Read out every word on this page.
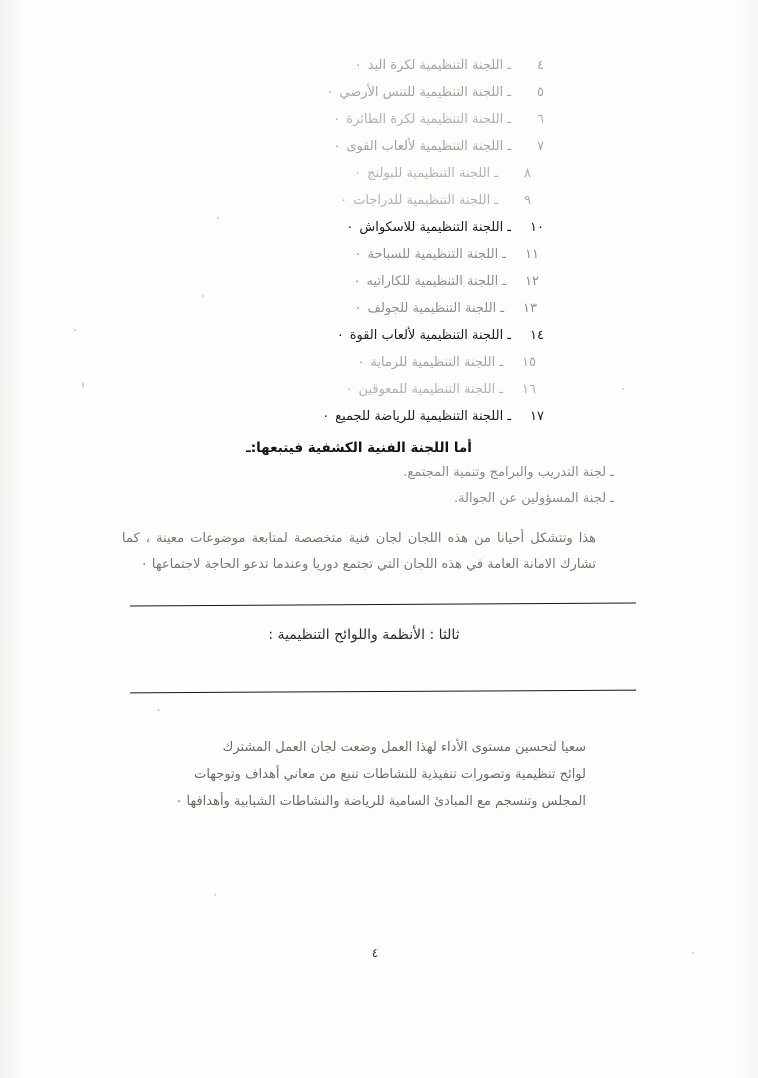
٤
ـ
اللجنة التنظيمية لكرة اليد
٠
٥
ـ
اللجنة التنظيمية للتنس الأرضي
٠
٦
ـ
اللجنة التنظيمية لكرة الطائرة
٠
٧
ـ
اللجنة التنظيمية لألعاب القوى
٠
٨
ـ
اللجنة التنظيمية للبولنج
٠
٩
ـ
اللجنة التنظيمية للدراجات
٠
١٠
ـ
اللجنة التنظيمية للاسكواش
٠
١١
ـ
اللجنة التنظيمية للسباحة
٠
١٢
ـ
اللجنة التنظيمية للكاراتيه
٠
١٣
ـ
اللجنة التنظيمية للجولف
٠
١٤
ـ
اللجنة التنظيمية لألعاب القوة
٠
١٥
ـ
اللجنة التنظيمية للرماية
٠
١٦
ـ
اللجنة التنظيمية للمعوقين
٠
١٧
ـ
اللجنة التنظيمية للرياضة للجميع
٠
أما اللجنة الفنية الكشفية فيتبعها:ـ
ـ لجنة التدريب والبرامج وتنمية المجتمع.
ـ لجنة المسؤولين عن الجوالة.
هذا وتتشكل أحيانا من هذه اللجان لجان فنية متخصصة لمتابعة موضوعات معينة ، كما تشارك الامانة العامة في هذه اللجان التي تجتمع دوريا وعندما تدعو الحاجة لاجتماعها ٠
ثالثا : الأنظمة واللوائح التنظيمية :
سعيا لتحسين مستوى الأداء لهذا العمل وضعت لجان العمل المشترك
لوائح تنظيمية وتصورات تنفيذية للنشاطات تنبع من معاني أهداف وتوجهات
المجلس وتنسجم مع المبادئ السامية للرياضة والنشاطات الشبابية وأهدافها ٠
٤
